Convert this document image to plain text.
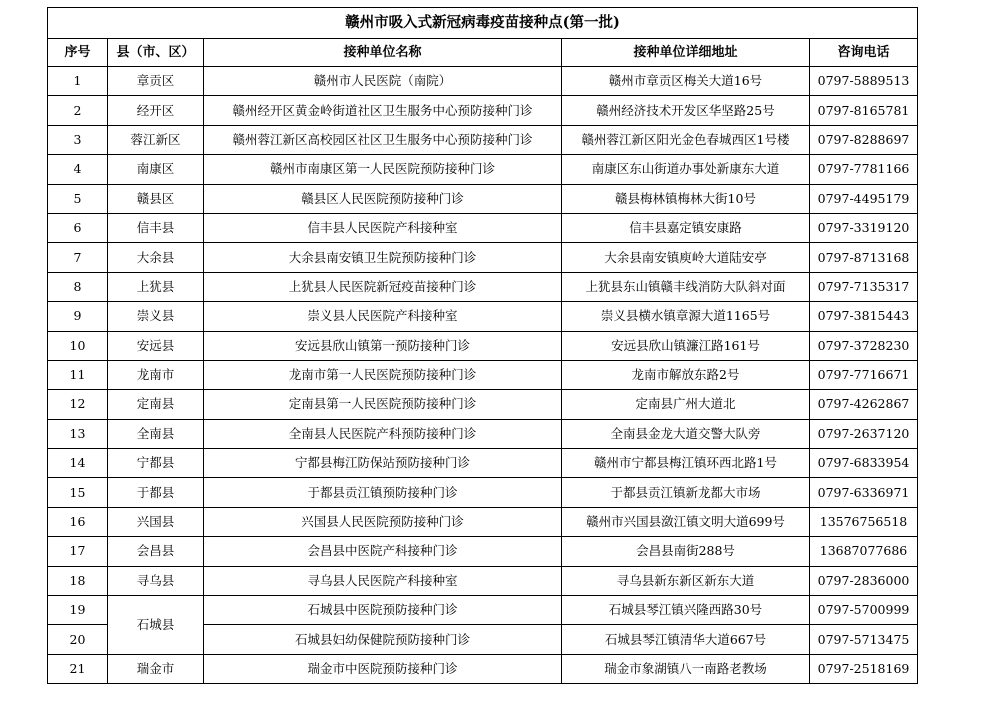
赣州市吸入式新冠病毒疫苗接种点(第一批)				
序号	县（市、区）	接种单位名称	接种单位详细地址	咨询电话
1	章贡区	赣州市人民医院（南院）	赣州市章贡区梅关大道16号	0797-5889513
2	经开区	赣州经开区黄金岭街道社区卫生服务中心预防接种门诊	赣州经济技术开发区华坚路25号	0797-8165781
3	蓉江新区	赣州蓉江新区高校园区社区卫生服务中心预防接种门诊	赣州蓉江新区阳光金色春城西区1号楼	0797-8288697
4	南康区	赣州市南康区第一人民医院预防接种门诊	南康区东山街道办事处新康东大道	0797-7781166
5	赣县区	赣县区人民医院预防接种门诊	赣县梅林镇梅林大街10号	0797-4495179
6	信丰县	信丰县人民医院产科接种室	信丰县嘉定镇安康路	0797-3319120
7	大余县	大余县南安镇卫生院预防接种门诊	大余县南安镇庾岭大道陆安亭	0797-8713168
8	上犹县	上犹县人民医院新冠疫苗接种门诊	上犹县东山镇赣丰线消防大队斜对面	0797-7135317
9	崇义县	崇义县人民医院产科接种室	崇义县横水镇章源大道1165号	0797-3815443
10	安远县	安远县欣山镇第一预防接种门诊	安远县欣山镇濂江路161号	0797-3728230
11	龙南市	龙南市第一人民医院预防接种门诊	龙南市解放东路2号	0797-7716671
12	定南县	定南县第一人民医院预防接种门诊	定南县广州大道北	0797-4262867
13	全南县	全南县人民医院产科预防接种门诊	全南县金龙大道交警大队旁	0797-2637120
14	宁都县	宁都县梅江防保站预防接种门诊	赣州市宁都县梅江镇环西北路1号	0797-6833954
15	于都县	于都县贡江镇预防接种门诊	于都县贡江镇新龙都大市场	0797-6336971
16	兴国县	兴国县人民医院预防接种门诊	赣州市兴国县潋江镇文明大道699号	13576756518
17	会昌县	会昌县中医院产科接种门诊	会昌县南街288号	13687077686
18	寻乌县	寻乌县人民医院产科接种室	寻乌县新东新区新东大道	0797-2836000
19	石城县	石城县中医院预防接种门诊	石城县琴江镇兴隆西路30号	0797-5700999
20		石城县妇幼保健院预防接种门诊	石城县琴江镇清华大道667号	0797-5713475
21	瑞金市	瑞金市中医院预防接种门诊	瑞金市象湖镇八一南路老教场	0797-2518169
